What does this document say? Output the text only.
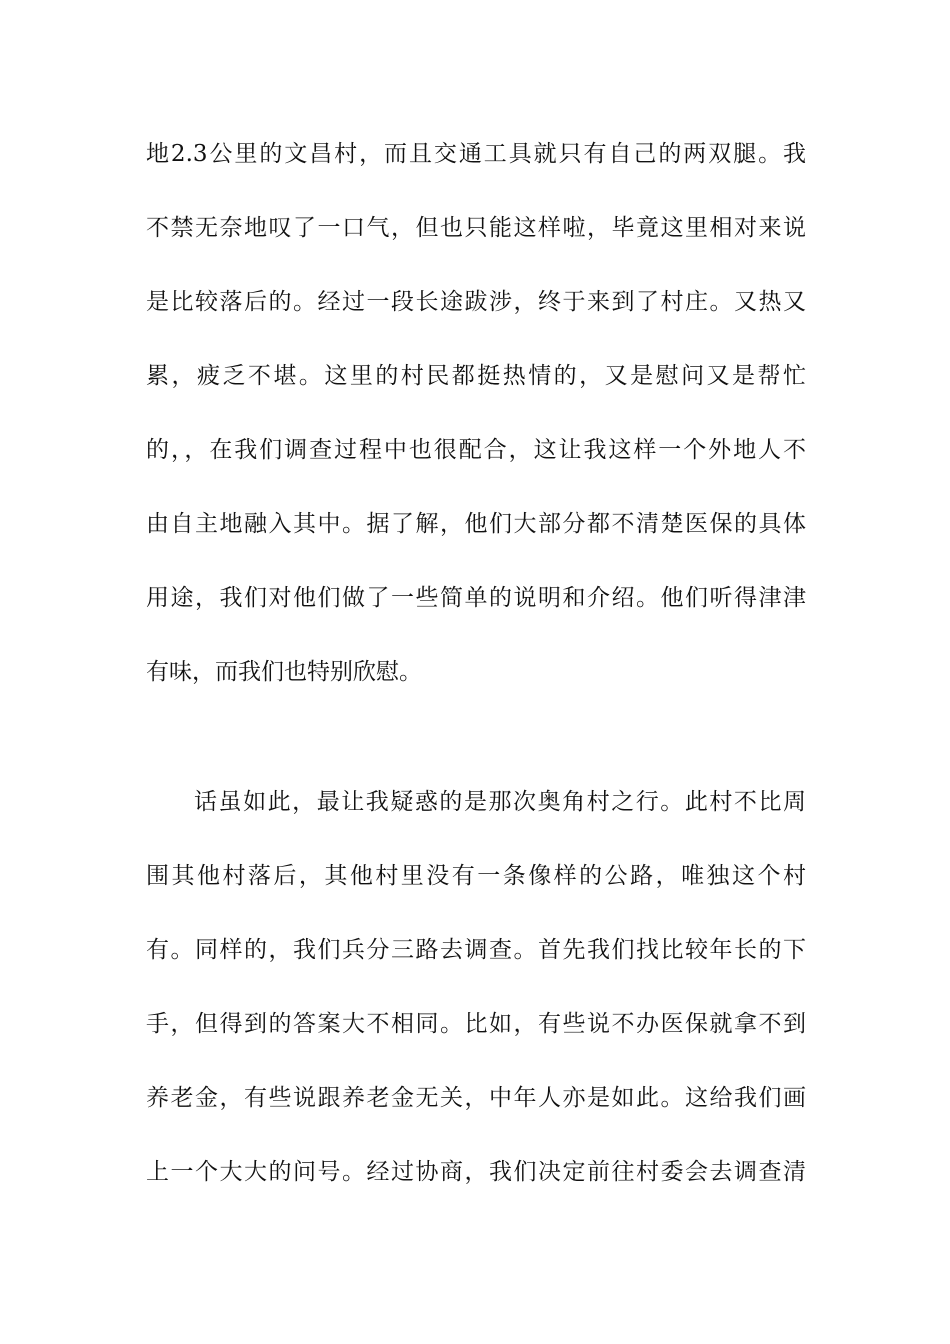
地2.3公里的文昌村，而且交通工具就只有自己的两双腿。我
不禁无奈地叹了一口气，但也只能这样啦，毕竟这里相对来说
是比较落后的。经过一段长途跋涉，终于来到了村庄。又热又
累，疲乏不堪。这里的村民都挺热情的，又是慰问又是帮忙
的，，在我们调查过程中也很配合，这让我这样一个外地人不
由自主地融入其中。据了解，他们大部分都不清楚医保的具体
用途，我们对他们做了一些简单的说明和介绍。他们听得津津
有味，而我们也特别欣慰。
话虽如此，最让我疑惑的是那次奥角村之行。此村不比周
围其他村落后，其他村里没有一条像样的公路，唯独这个村
有。同样的，我们兵分三路去调查。首先我们找比较年长的下
手，但得到的答案大不相同。比如，有些说不办医保就拿不到
养老金，有些说跟养老金无关，中年人亦是如此。这给我们画
上一个大大的问号。经过协商，我们决定前往村委会去调查清
